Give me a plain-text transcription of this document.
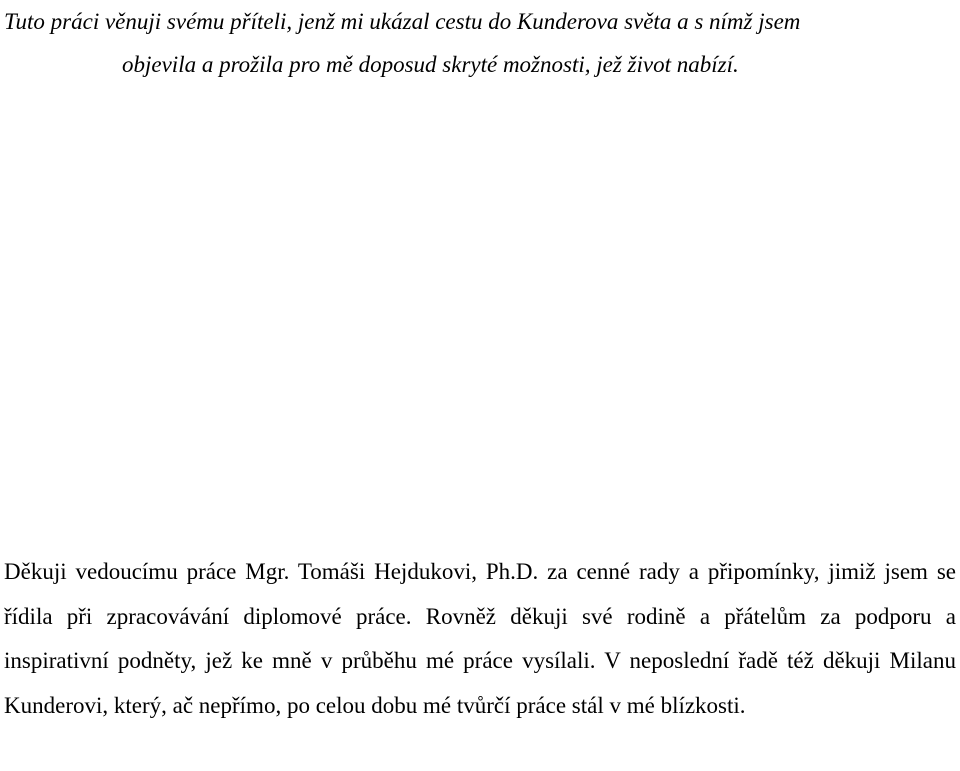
Tuto práci věnuji svému příteli, jenž mi ukázal cestu do Kunderova světa a s nímž jsem
objevila a prožila pro mě doposud skryté možnosti, jež život nabízí.

Děkuji vedoucímu práce Mgr. Tomáši Hejdukovi, Ph.D. za cenné rady a připomínky, jimiž jsem se řídila při zpracovávání diplomové práce. Rovněž děkuji své rodině a přátelům za podporu a inspirativní podněty, jež ke mně v průběhu mé práce vysílali. V neposlední řadě též děkuji Milanu Kunderovi, který, ač nepřímo, po celou dobu mé tvůrčí práce stál v mé blízkosti.
